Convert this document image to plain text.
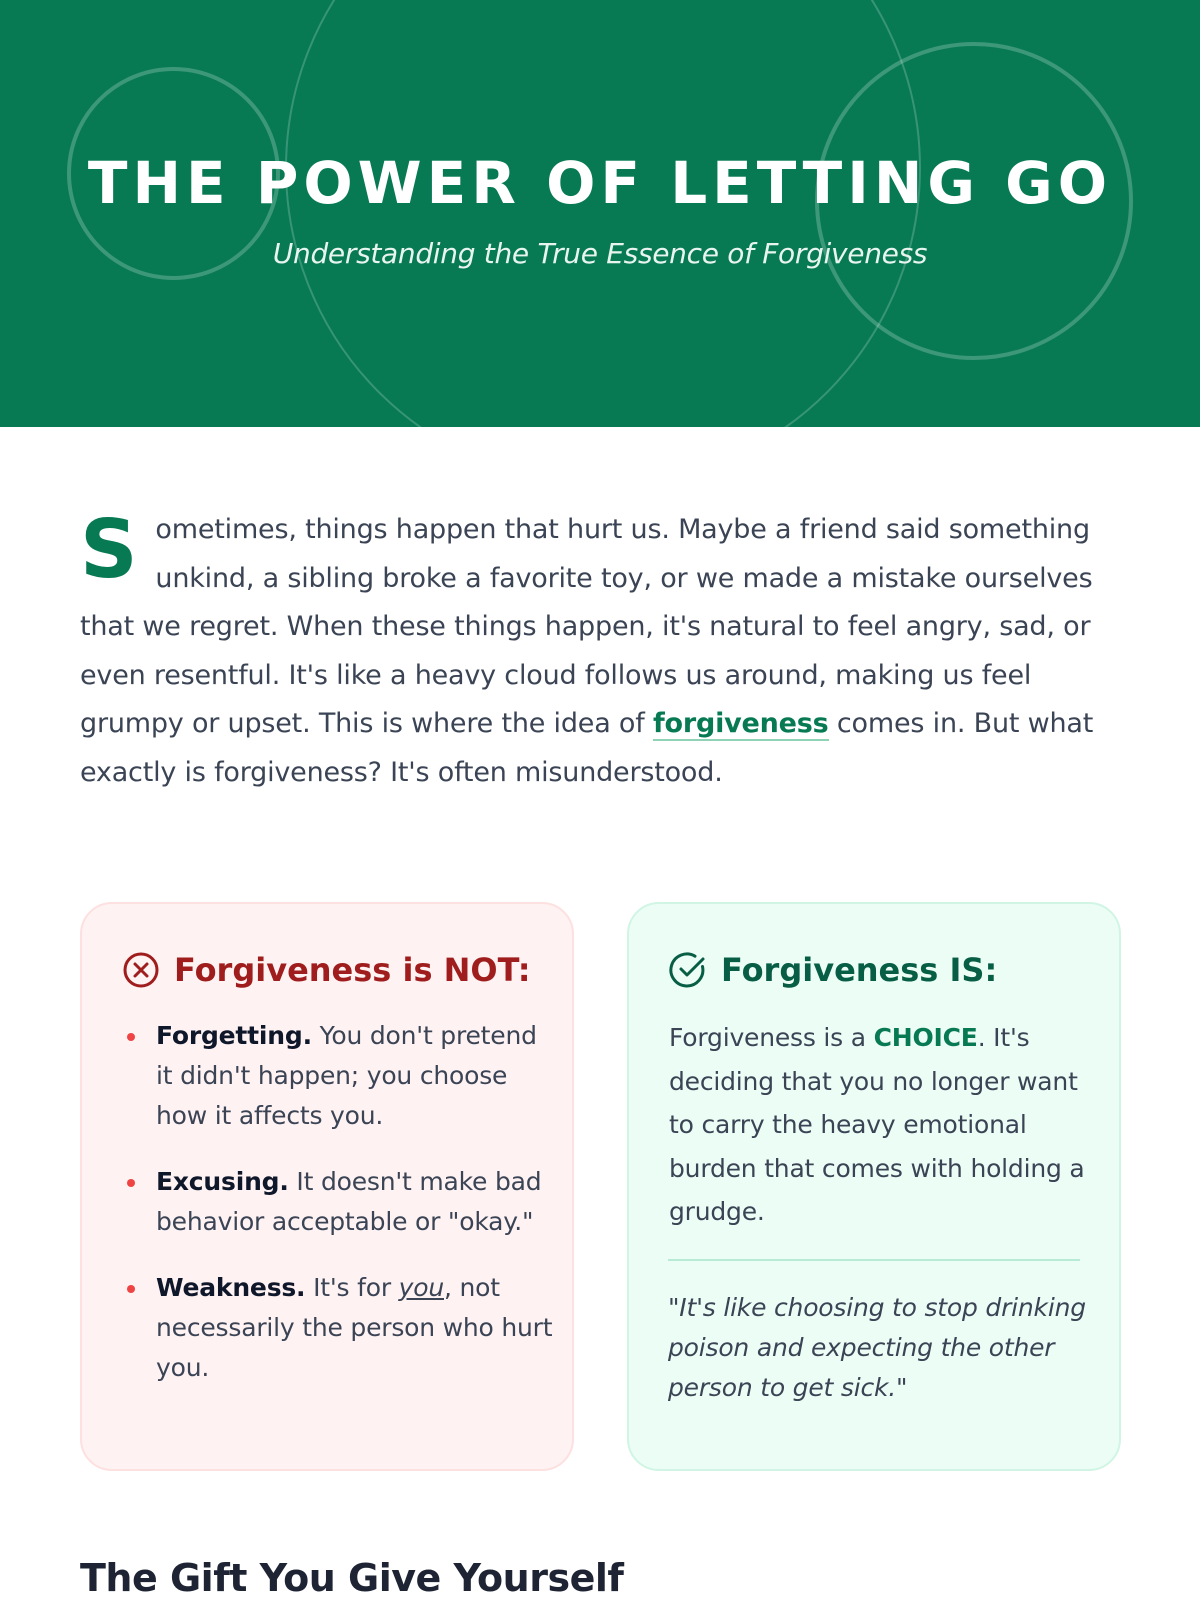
THE POWER OF LETTING GO

Understanding the True Essence of Forgiveness

Sometimes, things happen that hurt us. Maybe a friend said something unkind, a sibling broke a favorite toy, or we made a mistake ourselves that we regret. When these things happen, it's natural to feel angry, sad, or even resentful. It's like a heavy cloud follows us around, making us feel grumpy or upset. This is where the idea of forgiveness comes in. But what exactly is forgiveness? It's often misunderstood.

Forgiveness is NOT:
Forgetting. You don't pretend it didn't happen; you choose how it affects you.
Excusing. It doesn't make bad behavior acceptable or "okay."
Weakness. It's for you, not necessarily the person who hurt you.
Forgiveness IS:

Forgiveness is a CHOICE. It's deciding that you no longer want to carry the heavy emotional burden that comes with holding a grudge.

"It's like choosing to stop drinking poison and expecting the other person to get sick."

The Gift You Give Yourself
